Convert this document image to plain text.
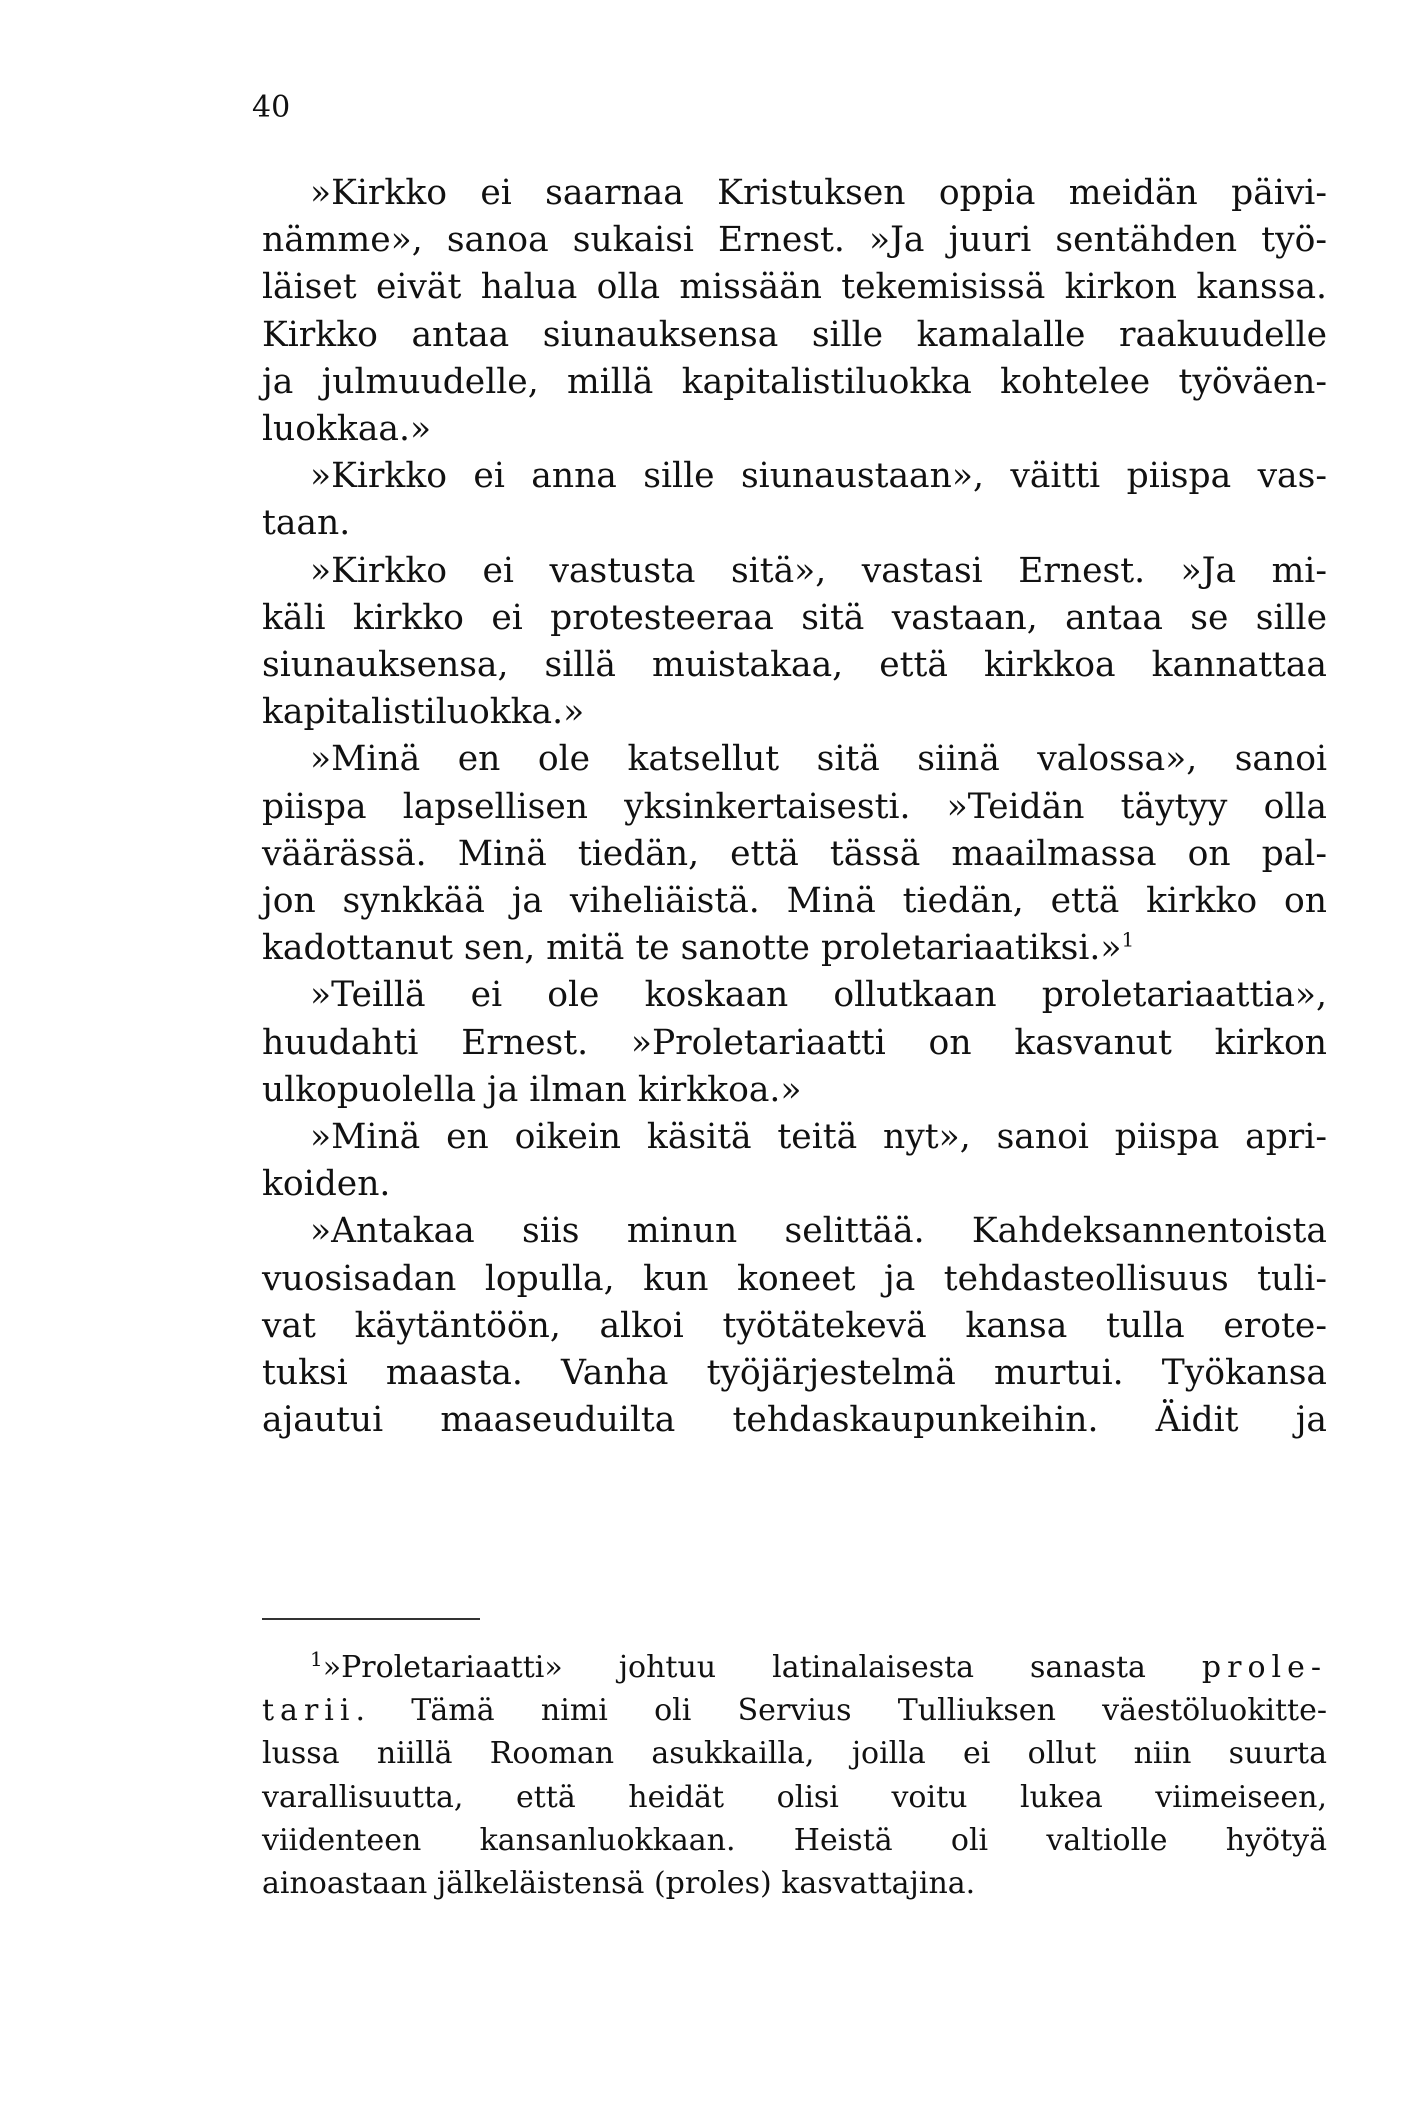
40
»Kirkko ei saarnaa Kristuksen oppia meidän päivi-
nämme», sanoa sukaisi Ernest. »Ja juuri sentähden työ-
läiset eivät halua olla missään tekemisissä kirkon kanssa.
Kirkko antaa siunauksensa sille kamalalle raakuudelle
ja julmuudelle, millä kapitalistiluokka kohtelee työväen-
luokkaa.»
»Kirkko ei anna sille siunaustaan», väitti piispa vas-
taan.
»Kirkko ei vastusta sitä», vastasi Ernest. »Ja mi-
käli kirkko ei protesteeraa sitä vastaan, antaa se sille
siunauksensa, sillä muistakaa, että kirkkoa kannattaa
kapitalistiluokka.»
»Minä en ole katsellut sitä siinä valossa», sanoi
piispa lapsellisen yksinkertaisesti. »Teidän täytyy olla
väärässä. Minä tiedän, että tässä maailmassa on pal-
jon synkkää ja viheliäistä. Minä tiedän, että kirkko on
kadottanut sen, mitä te sanotte proletariaatiksi.»$^1$
»Teillä ei ole koskaan ollutkaan proletariaattia»,
huudahti Ernest. »Proletariaatti on kasvanut kirkon
ulkopuolella ja ilman kirkkoa.»
»Minä en oikein käsitä teitä nyt», sanoi piispa apri-
koiden.
»Antakaa siis minun selittää. Kahdeksannentoista
vuosisadan lopulla, kun koneet ja tehdasteollisuus tuli-
vat käytäntöön, alkoi työtätekevä kansa tulla erote-
tuksi maasta. Vanha työjärjestelmä murtui. Työkansa
ajautui maaseuduilta tehdaskaupunkeihin. Äidit ja
$^1$»Proletariaatti» johtuu latinalaisesta sanasta prole-
tarii. Tämä nimi oli Servius Tulliuksen väestöluokitte-
lussa niillä Rooman asukkailla, joilla ei ollut niin suurta
varallisuutta, että heidät olisi voitu lukea viimeiseen,
viidenteen kansanluokkaan. Heistä oli valtiolle hyötyä
ainoastaan jälkeläistensä (proles) kasvattajina.
